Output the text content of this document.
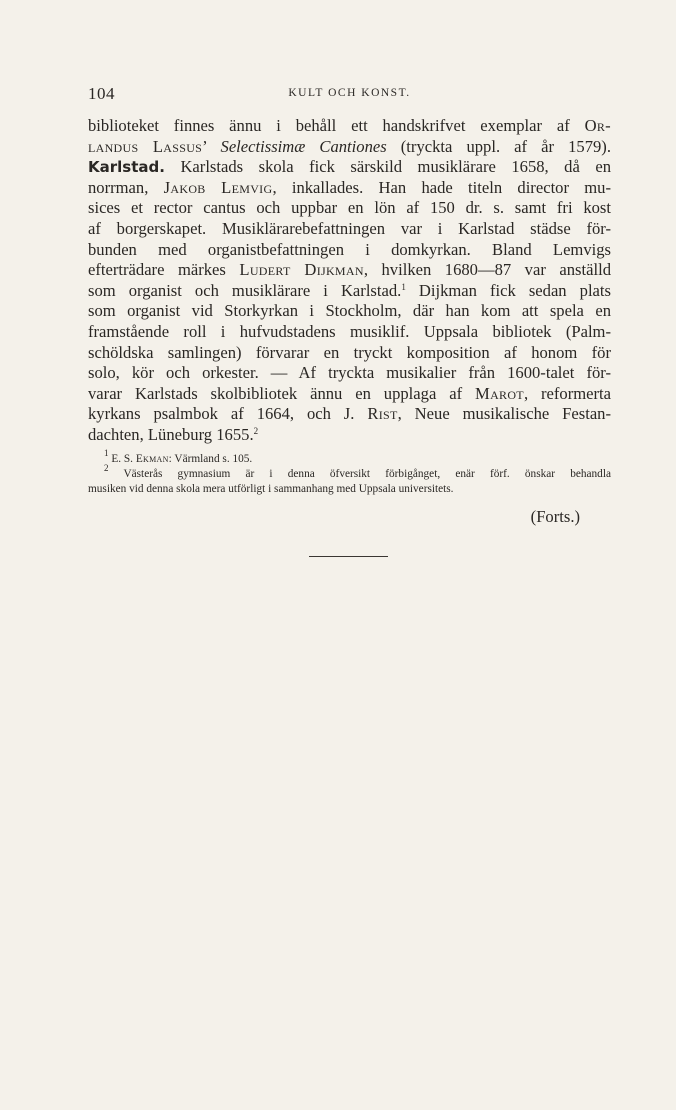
104	KULT OCH KONST.
biblioteket finnes ännu i behåll ett handskrifvet exemplar af Or-
landus Lassus’ Selectissimæ Cantiones (tryckta uppl. af år 1579).
Karlstad. Karlstads skola fick särskild musiklärare 1658, då en
norrman, Jakob Lemvig, inkallades. Han hade titeln director mu-
sices et rector cantus och uppbar en lön af 150 dr. s. samt fri kost
af borgerskapet. Musiklärarebefattningen var i Karlstad städse för-
bunden med organistbefattningen i domkyrkan. Bland Lemvigs
efterträdare märkes Ludert Dijkman, hvilken 1680—87 var anställd
som organist och musiklärare i Karlstad.$^1$ Dijkman fick sedan plats
som organist vid Storkyrkan i Stockholm, där han kom att spela en
framstående roll i hufvudstadens musiklif. Uppsala bibliotek (Palm-
schöldska samlingen) förvarar en tryckt komposition af honom för
solo, kör och orkester. — Af tryckta musikalier från 1600-talet för-
varar Karlstads skolbibliotek ännu en upplaga af Marot, reformerta
kyrkans psalmbok af 1664, och J. Rist, Neue musikalische Festan-
dachten, Lüneburg 1655.$^2$
$^1$ E. S. Ekman: Värmland s. 105.
$^2$ Västerås gymnasium är i denna öfversikt förbigånget, enär förf. önskar behandla
musiken vid denna skola mera utförligt i sammanhang med Uppsala universitets.
(Forts.)
